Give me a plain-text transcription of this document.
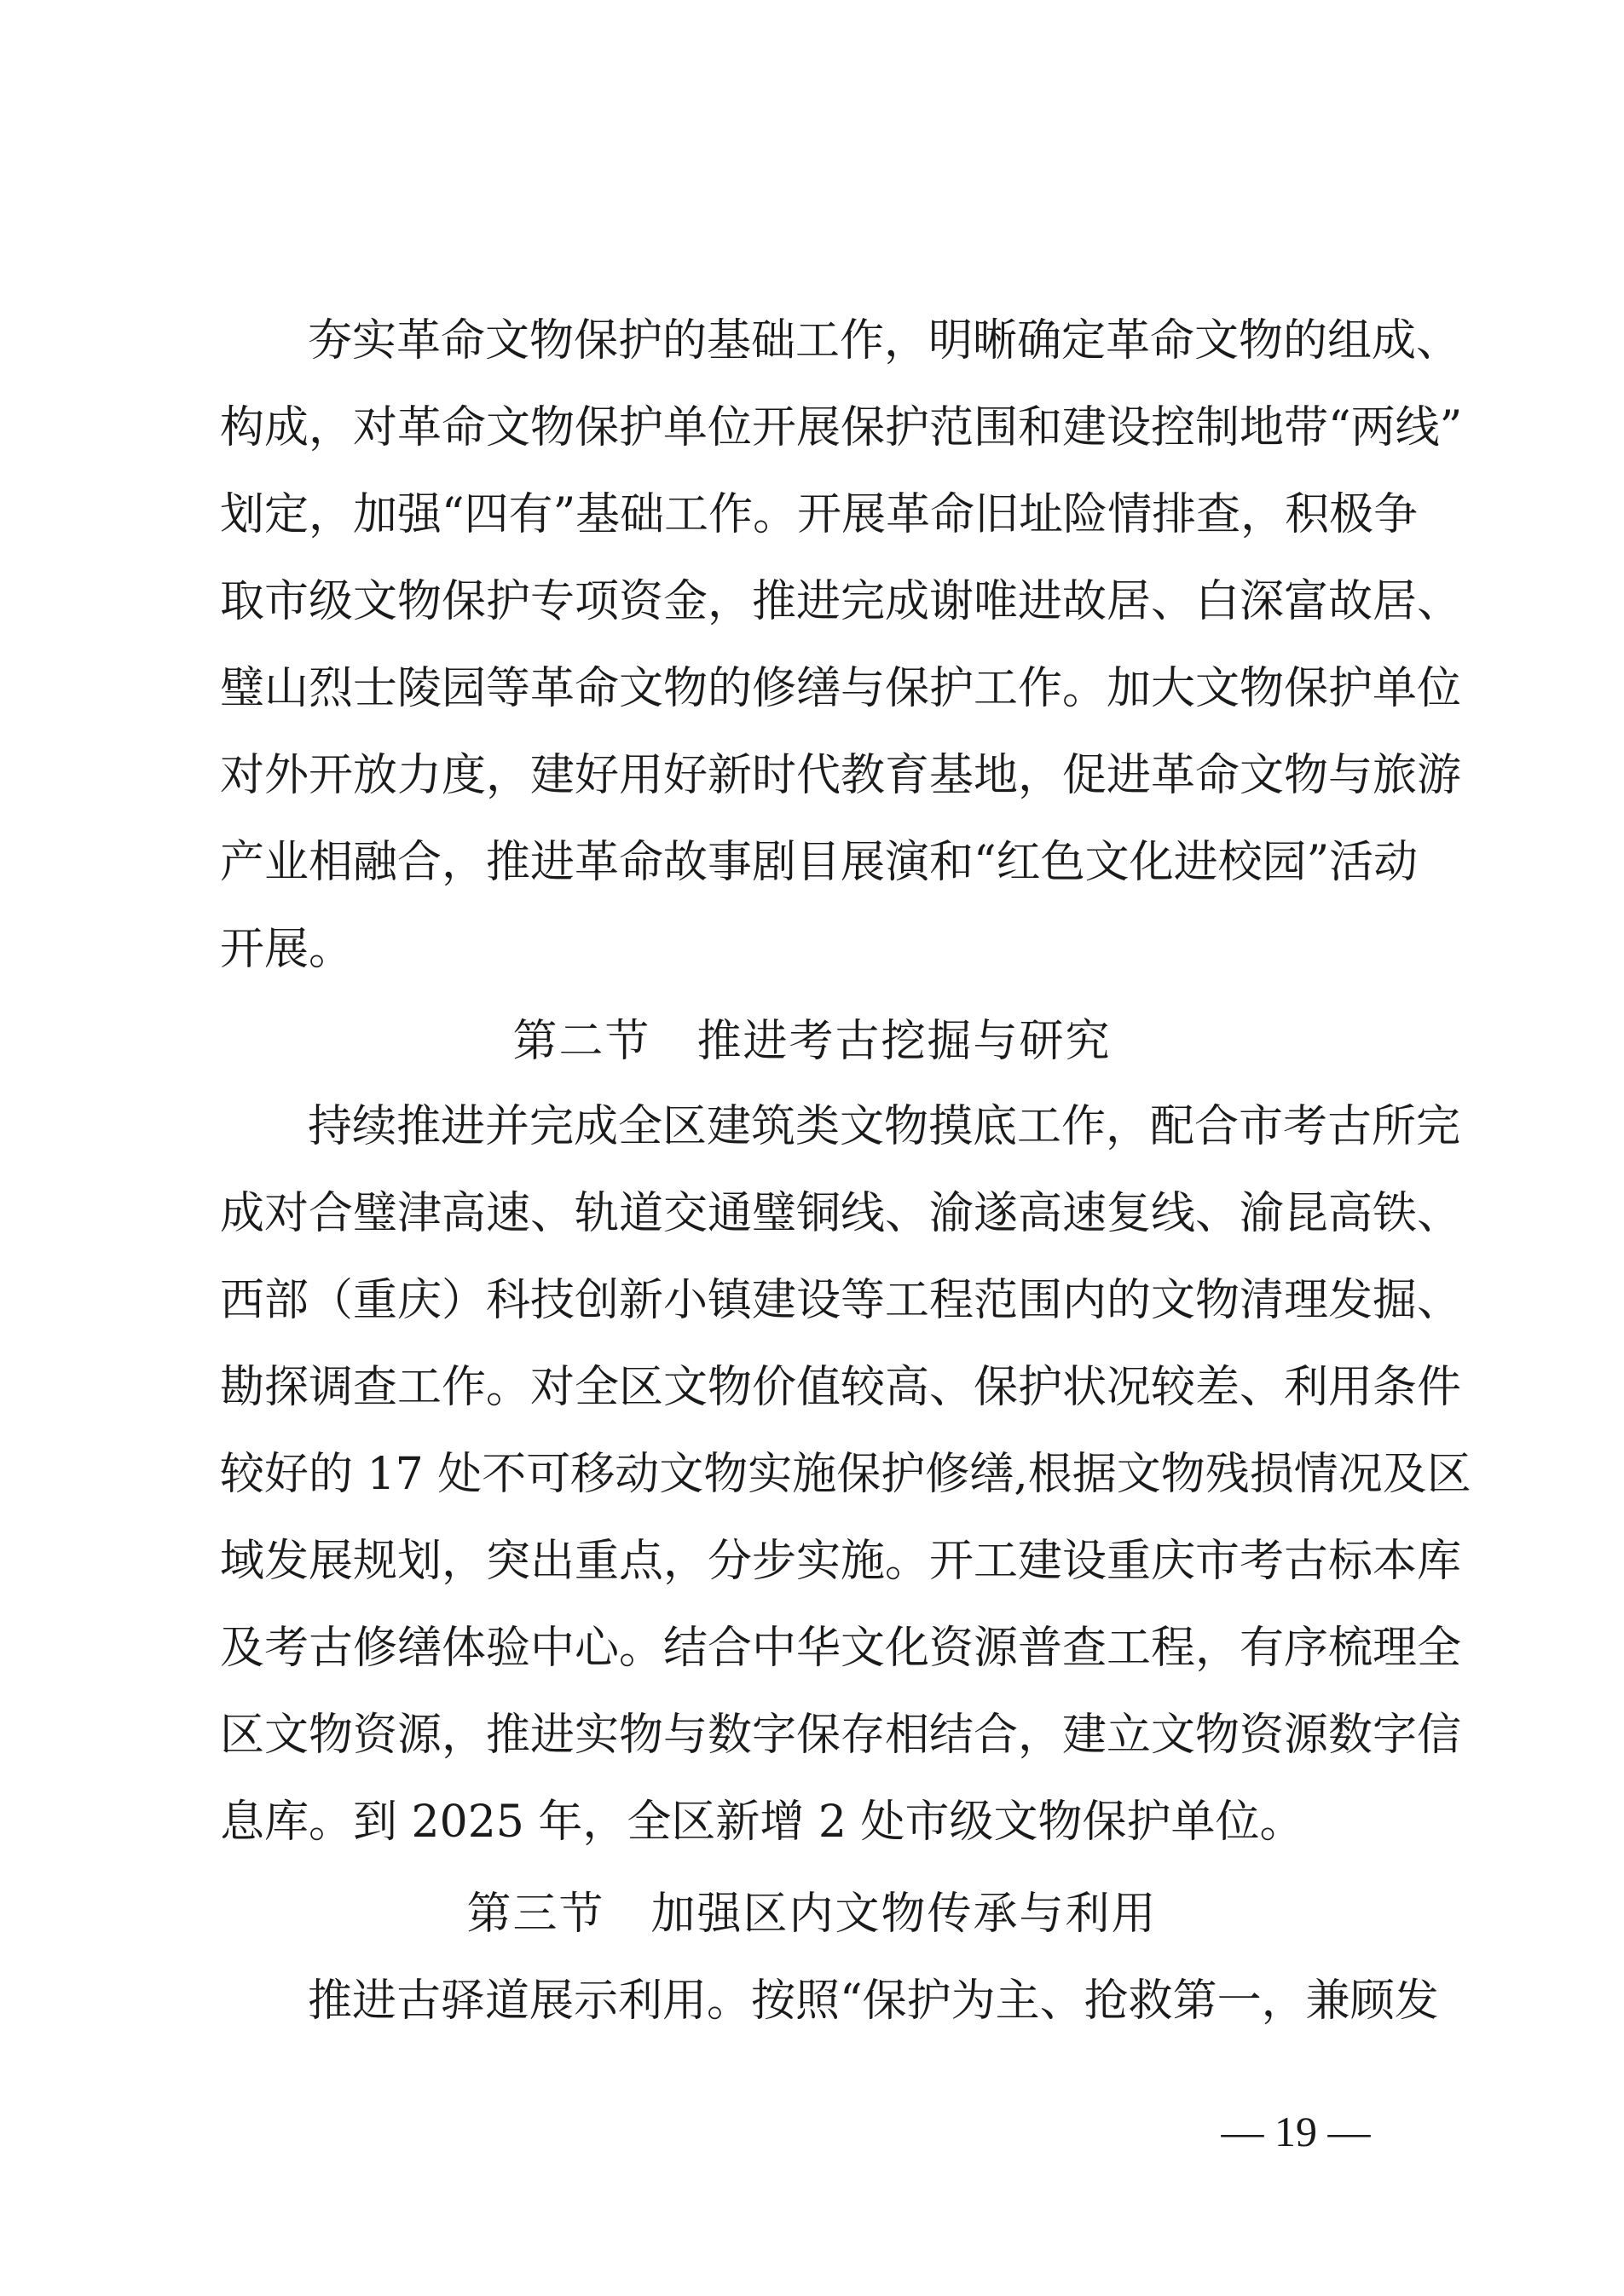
夯实革命文物保护的基础工作，明晰确定革命文物的组成、
构成，对革命文物保护单位开展保护范围和建设控制地带“两线”
划定，加强“四有”基础工作。开展革命旧址险情排查，积极争
取市级文物保护专项资金，推进完成谢唯进故居、白深富故居、
璧山烈士陵园等革命文物的修缮与保护工作。加大文物保护单位
对外开放力度，建好用好新时代教育基地，促进革命文物与旅游
产业相融合，推进革命故事剧目展演和“红色文化进校园”活动
开展。
第二节　推进考古挖掘与研究
持续推进并完成全区建筑类文物摸底工作，配合市考古所完
成对合璧津高速、轨道交通璧铜线、渝遂高速复线、渝昆高铁、
西部（重庆）科技创新小镇建设等工程范围内的文物清理发掘、
勘探调查工作。对全区文物价值较高、保护状况较差、利用条件
较好的 17 处不可移动文物实施保护修缮,根据文物残损情况及区
域发展规划，突出重点，分步实施。开工建设重庆市考古标本库
及考古修缮体验中心。结合中华文化资源普查工程，有序梳理全
区文物资源，推进实物与数字保存相结合，建立文物资源数字信
息库。到 2025 年，全区新增 2 处市级文物保护单位。
第三节　加强区内文物传承与利用
推进古驿道展示利用。按照“保护为主、抢救第一，兼顾发
— 19 —
